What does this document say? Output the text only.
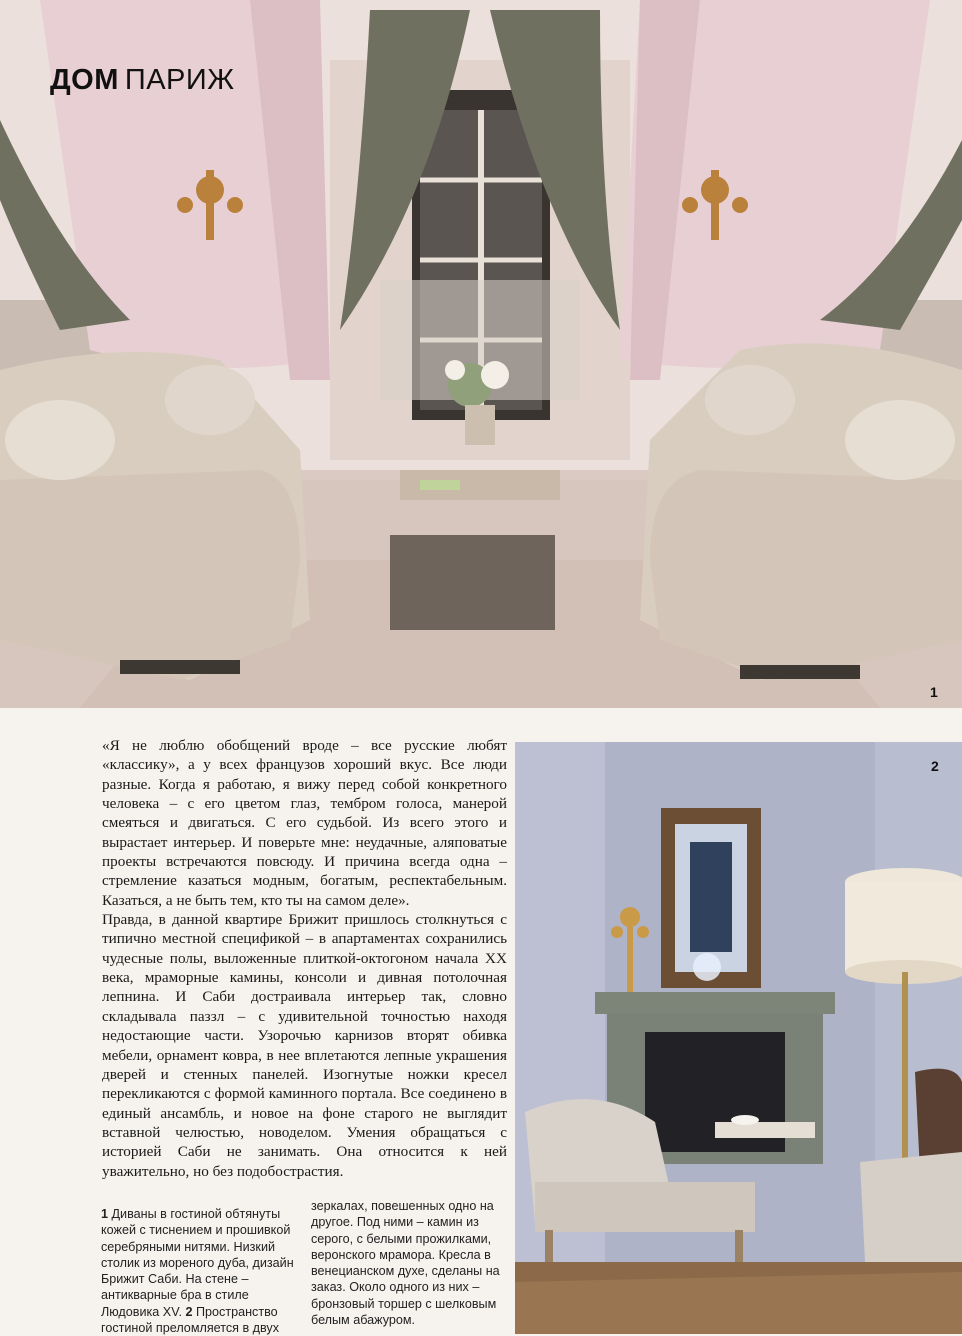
ДОМ ПАРИЖ
1

«Я не люблю обобщений вроде – все русские любят «классику», а у всех французов хороший вкус. Все люди разные. Когда я работаю, я вижу перед собой конкретного человека – с его цветом глаз, тембром голоса, манерой смеяться и двигаться. С его судьбой. Из всего этого и вырастает интерьер. И поверьте мне: неудачные, аляповатые проекты встречаются повсюду. И причина всегда одна – стремление казаться модным, богатым, респектабельным. Казаться, а не быть тем, кто ты на самом деле».

Правда, в данной квартире Брижит пришлось столкнуться с типично местной спецификой – в апартаментах сохранились чудесные полы, выложенные плиткой-октогоном начала XX века, мраморные камины, консоли и дивная потолочная лепнина. И Саби достраивала интерьер так, словно складывала паззл – с удивительной точностью находя недостающие части. Узорочью карнизов вторят обивка мебели, орнамент ковра, в нее вплетаются лепные украшения дверей и стенных панелей. Изогнутые ножки кресел перекликаются с формой каминного портала. Все соединено в единый ансамбль, и новое на фоне старого не выглядит вставной челюстью, новоделом. Умения обращаться с историей Саби не занимать. Она относится к ней уважительно, но без подобострастия.

1 Диваны в гостиной обтянуты кожей с тиснением и прошивкой серебряными нитями. Низкий столик из мореного дуба, дизайн Брижит Саби. На стене – антикварные бра в стиле Людовика XV. 2 Пространство гостиной преломляется в двух
зеркалах, повешенных одно на другое. Под ними – камин из серого, с белыми прожилками, веронского мрамора. Кресла в венецианском духе, сделаны на заказ. Около одного из них – бронзовый торшер с шелковым белым абажуром.
2
